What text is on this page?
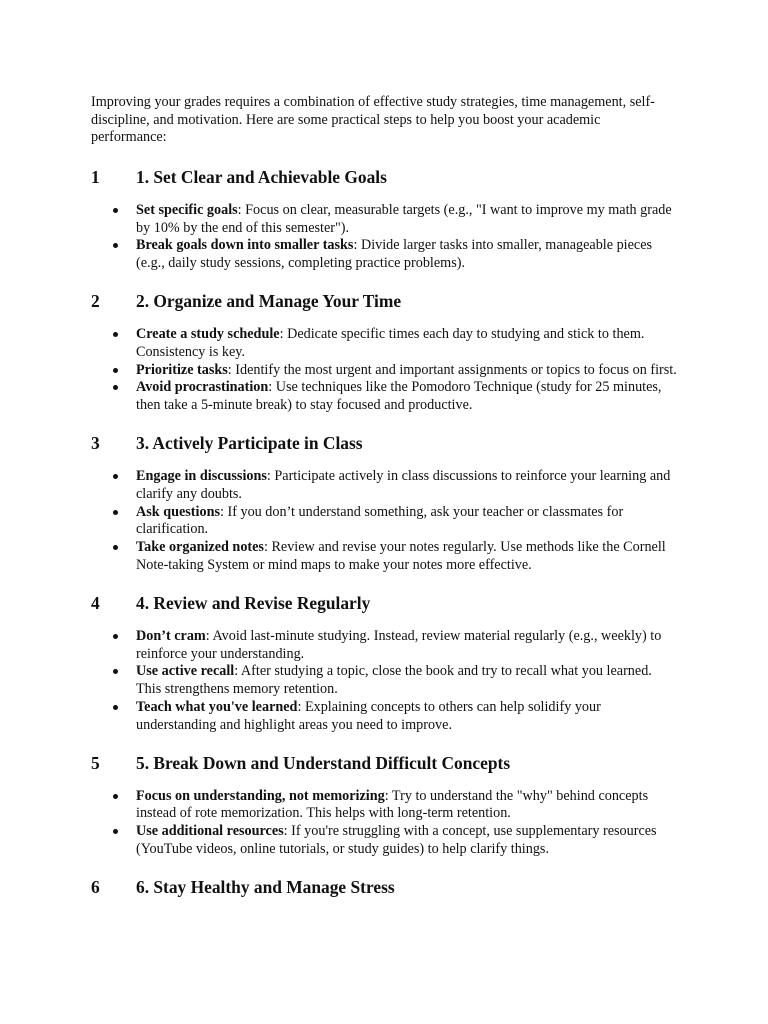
Improving your grades requires a combination of effective study strategies, time management, self-discipline, and motivation. Here are some practical steps to help you boost your academic performance:

1	1. Set Clear and Achievable Goals
Set specific goals: Focus on clear, measurable targets (e.g., "I want to improve my math grade by 10% by the end of this semester").
Break goals down into smaller tasks: Divide larger tasks into smaller, manageable pieces (e.g., daily study sessions, completing practice problems).
2	2. Organize and Manage Your Time
Create a study schedule: Dedicate specific times each day to studying and stick to them. Consistency is key.
Prioritize tasks: Identify the most urgent and important assignments or topics to focus on first.
Avoid procrastination: Use techniques like the Pomodoro Technique (study for 25 minutes, then take a 5-minute break) to stay focused and productive.
3	3. Actively Participate in Class
Engage in discussions: Participate actively in class discussions to reinforce your learning and clarify any doubts.
Ask questions: If you don’t understand something, ask your teacher or classmates for clarification.
Take organized notes: Review and revise your notes regularly. Use methods like the Cornell Note-taking System or mind maps to make your notes more effective.
4	4. Review and Revise Regularly
Don’t cram: Avoid last-minute studying. Instead, review material regularly (e.g., weekly) to reinforce your understanding.
Use active recall: After studying a topic, close the book and try to recall what you learned. This strengthens memory retention.
Teach what you've learned: Explaining concepts to others can help solidify your understanding and highlight areas you need to improve.
5	5. Break Down and Understand Difficult Concepts
Focus on understanding, not memorizing: Try to understand the "why" behind concepts instead of rote memorization. This helps with long-term retention.
Use additional resources: If you're struggling with a concept, use supplementary resources (YouTube videos, online tutorials, or study guides) to help clarify things.
6	6. Stay Healthy and Manage Stress
